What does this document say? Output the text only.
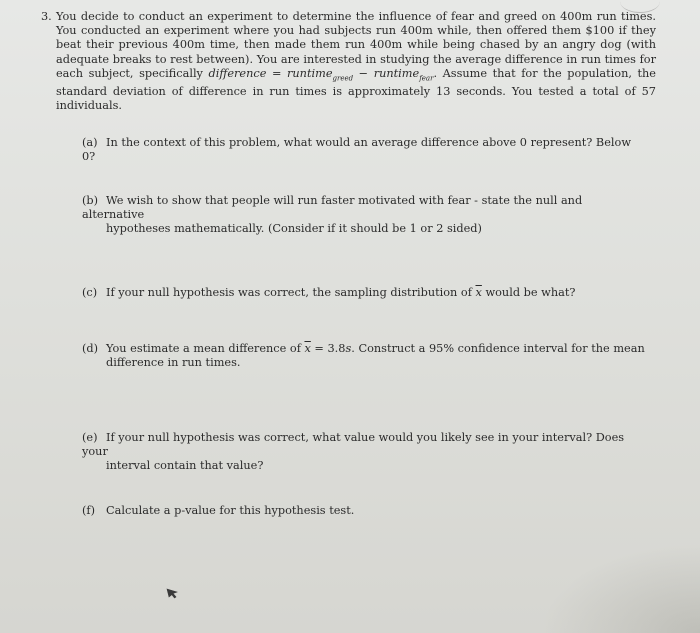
3. You decide to conduct an experiment to determine the influence of fear and greed on 400m run times. You conducted an experiment where you had subjects run 400m while, then offered them $100 if they beat their previous 400m time, then made them run 400m while being chased by an angry dog (with adequate breaks to rest between). You are interested in studying the average difference in run times for each subject, specifically difference = runtime$_{greed}$ − runtime$_{fear}$. Assume that for the population, the standard deviation of difference in run times is approximately 13 seconds. You tested a total of 57 individuals.
(a) In the context of this problem, what would an average difference above 0 represent? Below 0?
(b) We wish to show that people will run faster motivated with fear - state the null and alternative
hypotheses mathematically. (Consider if it should be 1 or 2 sided)
(c) If your null hypothesis was correct, the sampling distribution of $\overline{x}$ would be what?
(d) You estimate a mean difference of $\overline{x} = 3.8s$. Construct a 95% confidence interval for the mean
difference in run times.
(e) If your null hypothesis was correct, what value would you likely see in your interval? Does your
interval contain that value?
(f) Calculate a p-value for this hypothesis test.
